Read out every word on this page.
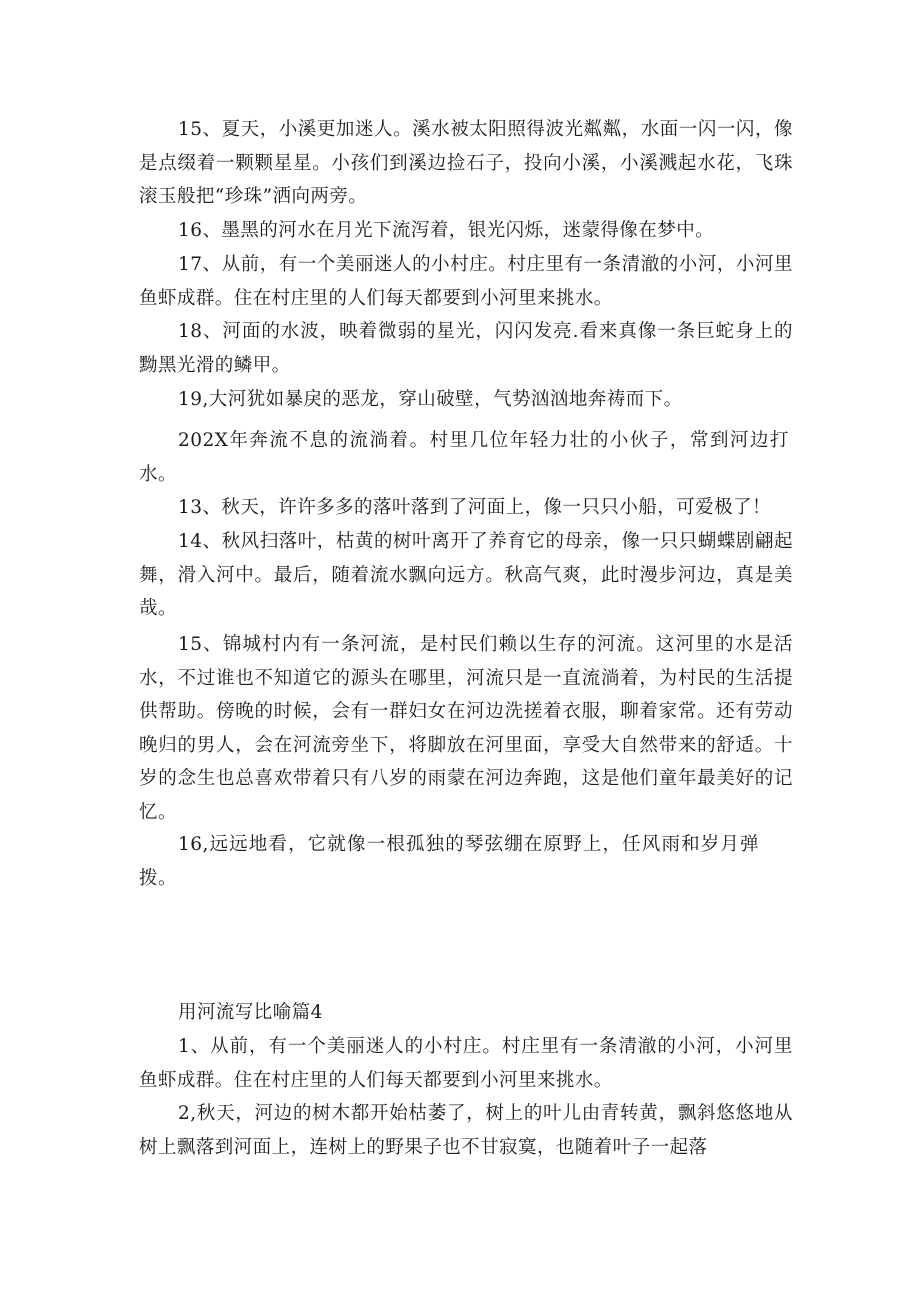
15、夏天，小溪更加迷人。溪水被太阳照得波光粼粼，水面一闪一闪，像是点缀着一颗颗星星。小孩们到溪边捡石子，投向小溪，小溪溅起水花，飞珠滚玉般把“珍珠”洒向两旁。

16、墨黑的河水在月光下流泻着，银光闪烁，迷蒙得像在梦中。

17、从前，有一个美丽迷人的小村庄。村庄里有一条清澈的小河，小河里鱼虾成群。住在村庄里的人们每天都要到小河里来挑水。

18、河面的水波，映着微弱的星光，闪闪发亮.看来真像一条巨蛇身上的黝黑光滑的鳞甲。

19,大河犹如暴戾的恶龙，穿山破壁，气势汹汹地奔祷而下。

202X年奔流不息的流淌着。村里几位年轻力壮的小伙子，常到河边打水。

13、秋天，许许多多的落叶落到了河面上，像一只只小船，可爱极了！

14、秋风扫落叶，枯黄的树叶离开了养育它的母亲，像一只只蝴蝶剧翩起舞，滑入河中。最后，随着流水飘向远方。秋高气爽，此时漫步河边，真是美哉。

15、锦城村内有一条河流，是村民们赖以生存的河流。这河里的水是活水，不过谁也不知道它的源头在哪里，河流只是一直流淌着，为村民的生活提供帮助。傍晚的时候，会有一群妇女在河边洗搓着衣服，聊着家常。还有劳动晚归的男人，会在河流旁坐下，将脚放在河里面，享受大自然带来的舒适。十岁的念生也总喜欢带着只有八岁的雨蒙在河边奔跑，这是他们童年最美好的记忆。

16,远远地看，它就像一根孤独的琴弦绷在原野上，任风雨和岁月弹拨。

用河流写比喻篇4

1、从前，有一个美丽迷人的小村庄。村庄里有一条清澈的小河，小河里鱼虾成群。住在村庄里的人们每天都要到小河里来挑水。

2,秋天，河边的树木都开始枯萎了，树上的叶儿由青转黄，飘斜悠悠地从树上飘落到河面上，连树上的野果子也不甘寂寞，也随着叶子一起落
